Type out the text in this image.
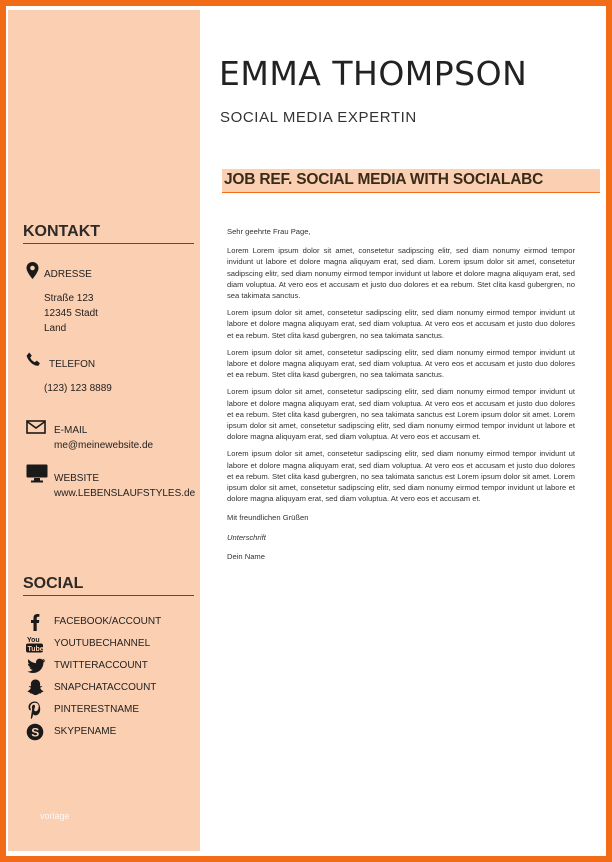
KONTAKT
ADRESSE
Straße 123
12345 Stadt
Land
TELEFON
(123) 123 8889
E-MAIL
me@meinewebsite.de
WEBSITE
www.LEBENSLAUFSTYLES.de
SOCIAL
FACEBOOK/ACCOUNT
You
Tube
YOUTUBECHANNEL
TWITTERACCOUNT
SNAPCHATACCOUNT
PINTERESTNAME
S SKYPENAME
vorlage
EMMA THOMPSON
SOCIAL MEDIA EXPERTIN
JOB REF. SOCIAL MEDIA WITH SOCIALABC

Sehr geehrte Frau Page,

Lorem Lorem ipsum dolor sit amet, consetetur sadipscing elitr, sed diam nonumy eirmod tempor invidunt ut labore et dolore magna aliquyam erat, sed diam. Lorem ipsum dolor sit amet, consetetur sadipscing elitr, sed diam nonumy eirmod tempor invidunt ut labore et dolore magna aliquyam erat, sed diam voluptua. At vero eos et accusam et justo duo dolores et ea rebum. Stet clita kasd gubergren, no sea takimata sanctus.

Lorem ipsum dolor sit amet, consetetur sadipscing elitr, sed diam nonumy eirmod tempor invidunt ut labore et dolore magna aliquyam erat, sed diam voluptua. At vero eos et accusam et justo duo dolores et ea rebum. Stet clita kasd gubergren, no sea takimata sanctus.

Lorem ipsum dolor sit amet, consetetur sadipscing elitr, sed diam nonumy eirmod tempor invidunt ut labore et dolore magna aliquyam erat, sed diam voluptua. At vero eos et accusam et justo duo dolores et ea rebum. Stet clita kasd gubergren, no sea takimata sanctus.

Lorem ipsum dolor sit amet, consetetur sadipscing elitr, sed diam nonumy eirmod tempor invidunt ut labore et dolore magna aliquyam erat, sed diam voluptua. At vero eos et accusam et justo duo dolores et ea rebum. Stet clita kasd gubergren, no sea takimata sanctus est Lorem ipsum dolor sit amet. Lorem ipsum dolor sit amet, consetetur sadipscing elitr, sed diam nonumy eirmod tempor invidunt ut labore et dolore magna aliquyam erat, sed diam voluptua. At vero eos et accusam et.

Lorem ipsum dolor sit amet, consetetur sadipscing elitr, sed diam nonumy eirmod tempor invidunt ut labore et dolore magna aliquyam erat, sed diam voluptua. At vero eos et accusam et justo duo dolores et ea rebum. Stet clita kasd gubergren, no sea takimata sanctus est Lorem ipsum dolor sit amet. Lorem ipsum dolor sit amet, consetetur sadipscing elitr, sed diam nonumy eirmod tempor invidunt ut labore et dolore magna aliquyam erat, sed diam voluptua. At vero eos et accusam et.

Mit freundlichen Grüßen

Unterschrift

Dein Name
